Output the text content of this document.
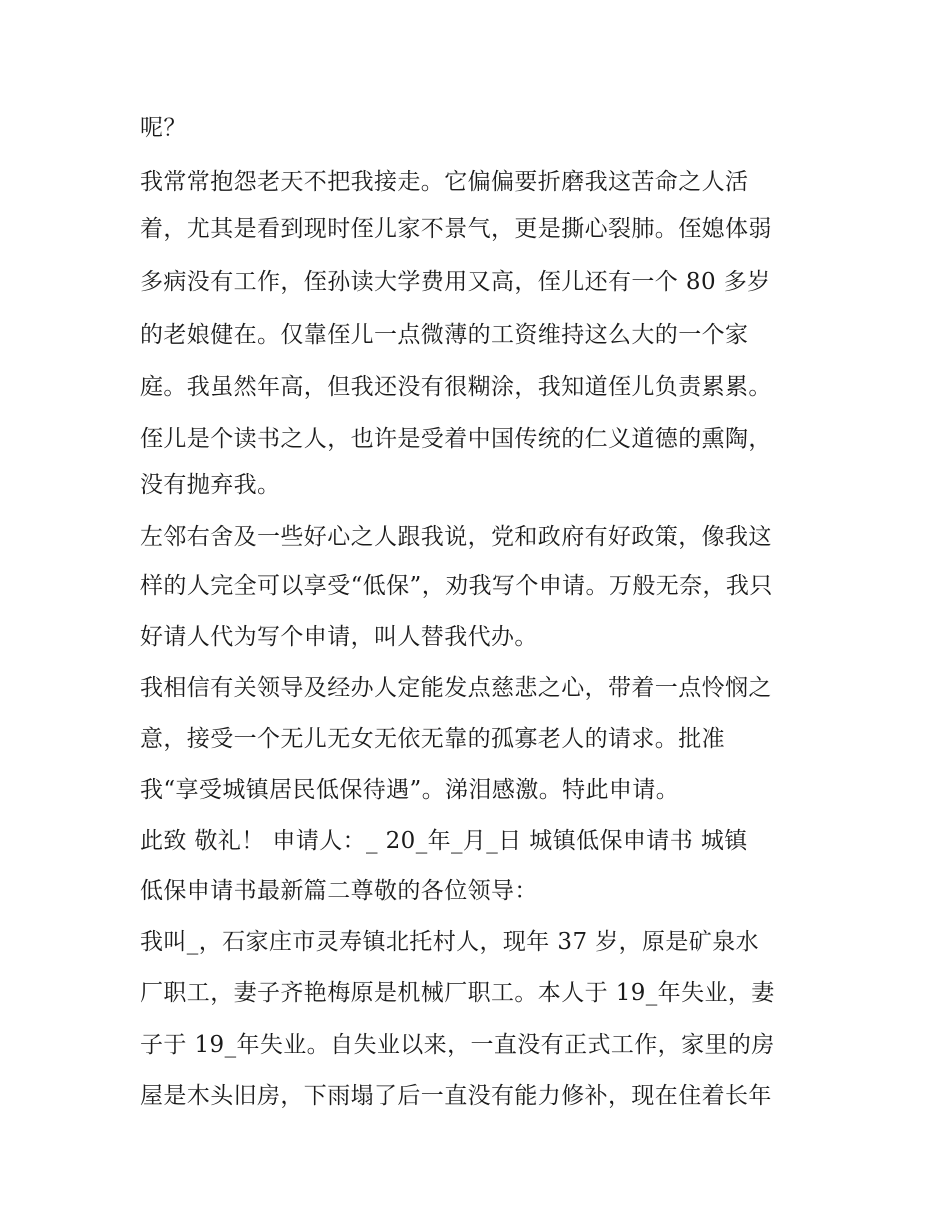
呢？
我常常抱怨老天不把我接走。它偏偏要折磨我这苦命之人活
着，尤其是看到现时侄儿家不景气，更是撕心裂肺。侄媳体弱
多病没有工作，侄孙读大学费用又高，侄儿还有一个 80 多岁
的老娘健在。仅靠侄儿一点微薄的工资维持这么大的一个家
庭。我虽然年高，但我还没有很糊涂，我知道侄儿负责累累。
侄儿是个读书之人，也许是受着中国传统的仁义道德的熏陶，
没有抛弃我。
左邻右舍及一些好心之人跟我说，党和政府有好政策，像我这
样的人完全可以享受“低保”，劝我写个申请。万般无奈，我只
好请人代为写个申请，叫人替我代办。
我相信有关领导及经办人定能发点慈悲之心，带着一点怜悯之
意，接受一个无儿无女无依无靠的孤寡老人的请求。批准
我“享受城镇居民低保待遇”。涕泪感激。特此申请。
此致 敬礼！ 申请人：_ 20_年_月_日 城镇低保申请书 城镇
低保申请书最新篇二尊敬的各位领导：
我叫_，石家庄市灵寿镇北托村人，现年 37 岁，原是矿泉水
厂职工，妻子齐艳梅原是机械厂职工。本人于 19_年失业，妻
子于 19_年失业。自失业以来，一直没有正式工作，家里的房
屋是木头旧房，下雨塌了后一直没有能力修补，现在住着长年
